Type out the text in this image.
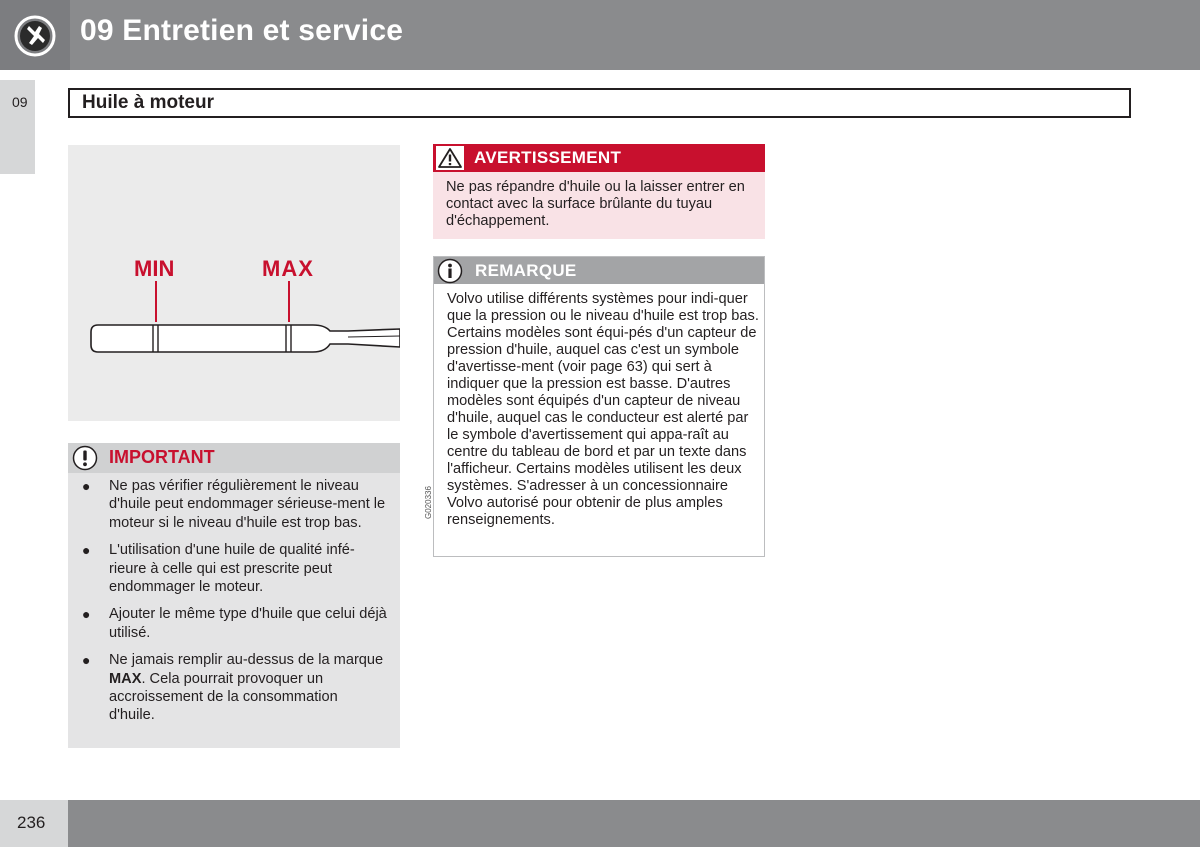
09 Entretien et service
09	Huile à moteur
MIN	MAX
G020336
IMPORTANT
● Ne pas vérifier régulièrement le niveau d'huile peut endommager sérieuse-ment le moteur si le niveau d'huile est trop bas.
● L'utilisation d'une huile de qualité infé-rieure à celle qui est prescrite peut endommager le moteur.
● Ajouter le même type d'huile que celui déjà utilisé.
● Ne jamais remplir au-dessus de la marque MAX. Cela pourrait provoquer un accroissement de la consommation d'huile.
AVERTISSEMENT
Ne pas répandre d'huile ou la laisser entrer en contact avec la surface brûlante du tuyau d'échappement.
REMARQUE
Volvo utilise différents systèmes pour indi-quer que la pression ou le niveau d'huile est trop bas. Certains modèles sont équi-pés d'un capteur de pression d'huile, auquel cas c'est un symbole d'avertisse-ment (voir page 63) qui sert à indiquer que la pression est basse. D'autres modèles sont équipés d'un capteur de niveau d'huile, auquel cas le conducteur est alerté par le symbole d'avertissement qui appa-raît au centre du tableau de bord et par un texte dans l'afficheur. Certains modèles utilisent les deux systèmes. S'adresser à un concessionnaire Volvo autorisé pour obtenir de plus amples renseignements.
236
